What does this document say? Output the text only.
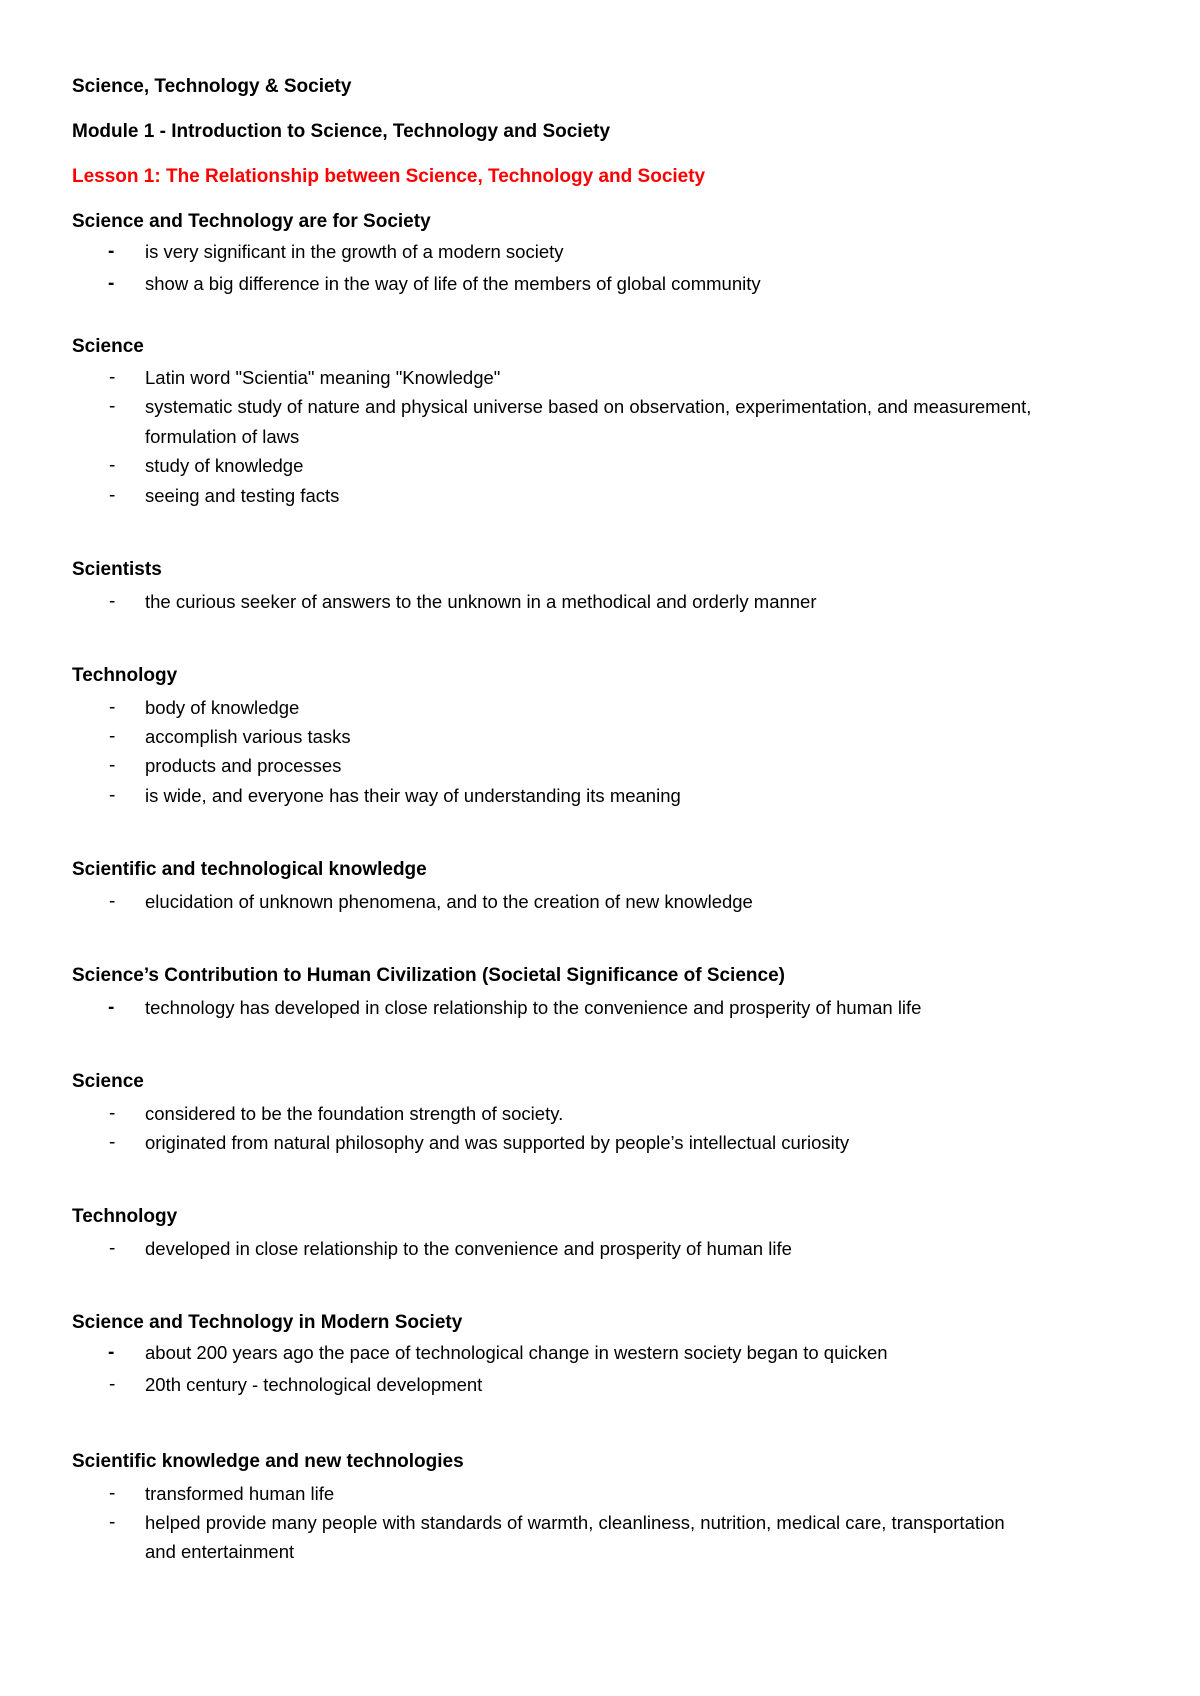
Science, Technology & Society
Module 1 - Introduction to Science, Technology and Society
Lesson 1: The Relationship between Science, Technology and Society
Science and Technology are for Society
- is very significant in the growth of a modern society
- show a big difference in the way of life of the members of global community
Science
- Latin word "Scientia" meaning "Knowledge"
- systematic study of nature and physical universe based on observation, experimentation, and measurement,
formulation of laws
- study of knowledge
- seeing and testing facts
Scientists
- the curious seeker of answers to the unknown in a methodical and orderly manner
Technology
- body of knowledge
- accomplish various tasks
- products and processes
- is wide, and everyone has their way of understanding its meaning
Scientific and technological knowledge
- elucidation of unknown phenomena, and to the creation of new knowledge
Science’s Contribution to Human Civilization (Societal Significance of Science)
- technology has developed in close relationship to the convenience and prosperity of human life
Science
- considered to be the foundation strength of society.
- originated from natural philosophy and was supported by people’s intellectual curiosity
Technology
- developed in close relationship to the convenience and prosperity of human life
Science and Technology in Modern Society
- about 200 years ago the pace of technological change in western society began to quicken
- 20th century - technological development
Scientific knowledge and new technologies
- transformed human life
- helped provide many people with standards of warmth, cleanliness, nutrition, medical care, transportation
and entertainment
